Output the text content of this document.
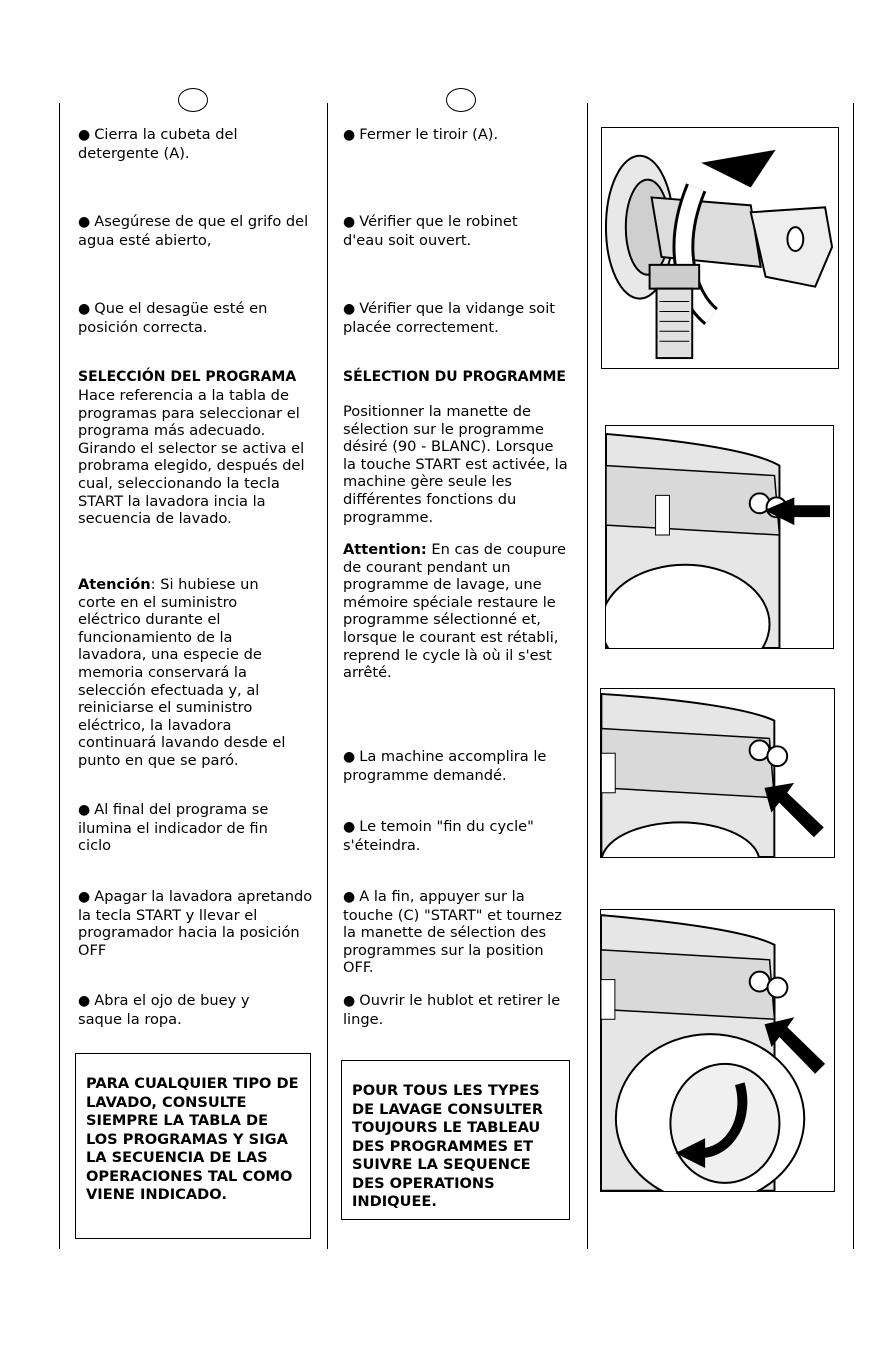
● Cierra la cubeta del detergente (A).

● Asegúrese de que el grifo del agua esté abierto,

● Que el desagüe esté en posición correcta.

SELECCIÓN DEL PROGRAMA

Hace referencia a la tabla de programas para seleccionar el programa más adecuado. Girando el selector se activa el probrama elegido, después del cual, seleccionando la tecla START la lavadora incia la secuencia de lavado.

Atención: Si hubiese un corte en el suministro eléctrico durante el funcionamiento de la lavadora, una especie de memoria conservará la selección efectuada y, al reiniciarse el suministro eléctrico, la lavadora continuará lavando desde el punto en que se paró.

● Al final del programa se ilumina el indicador de fin ciclo

● Apagar la lavadora apretando la tecla START y llevar el programador hacia la posición OFF

● Abra el ojo de buey y saque la ropa.

PARA CUALQUIER TIPO DE LAVADO, CONSULTE SIEMPRE LA TABLA DE LOS PROGRAMAS Y SIGA LA SECUENCIA DE LAS OPERACIONES TAL COMO VIENE INDICADO.

● Fermer le tiroir (A).

● Vérifier que le robinet d'eau soit ouvert.

● Vérifier que la vidange soit placée correctement.

SÉLECTION DU PROGRAMME

Positionner la manette de sélection sur le programme désiré (90 - BLANC). Lorsque la touche START est activée, la machine gère seule les différentes fonctions du programme.

Attention: En cas de coupure de courant pendant un programme de lavage, une mémoire spéciale restaure le programme sélectionné et, lorsque le courant est rétabli, reprend le cycle là où il s'est arrêté.

● La machine accomplira le programme demandé.

● Le temoin "fin du cycle" s'éteindra.

● A la fin, appuyer sur la touche (C) "START" et tournez la manette de sélection des programmes sur la position OFF.

● Ouvrir le hublot et retirer le linge.

POUR TOUS LES TYPES DE LAVAGE CONSULTER TOUJOURS LE TABLEAU DES PROGRAMMES ET SUIVRE LA SEQUENCE DES OPERATIONS INDIQUEE.
